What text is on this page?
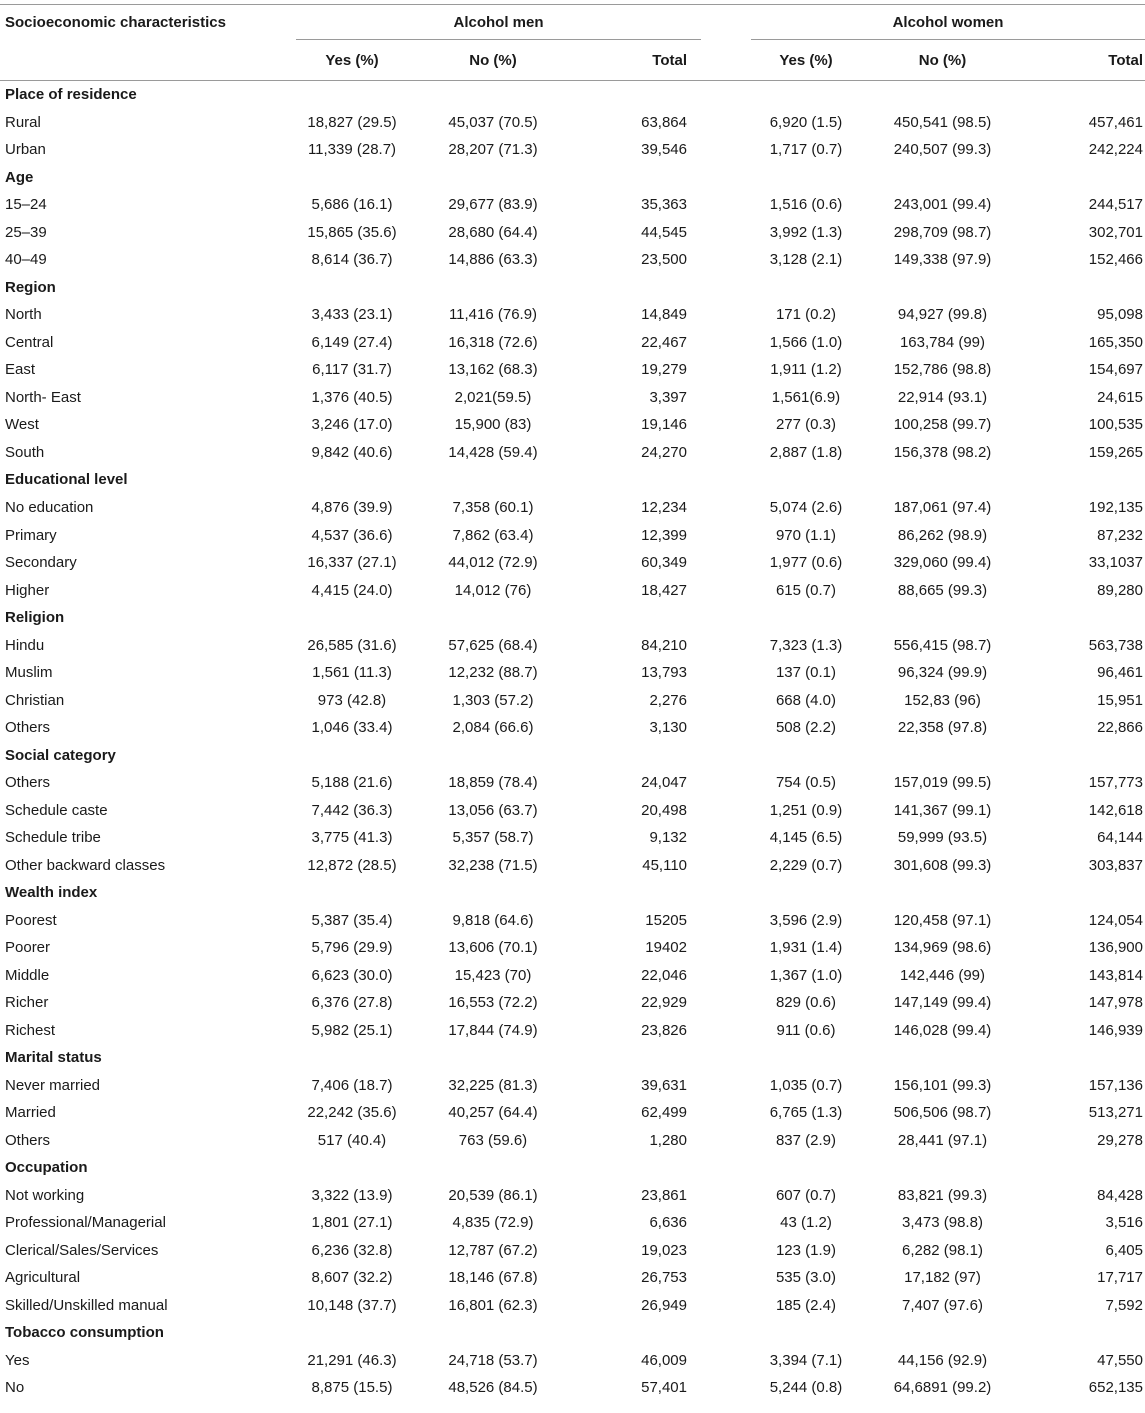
Socioeconomic characteristics	Alcohol men				Alcohol women		
	Yes (%)	No (%)	Total		Yes (%)	No (%)	Total

Place of residence							
Rural	18,827 (29.5)	45,037 (70.5)	63,864		6,920 (1.5)	450,541 (98.5)	457,461
Urban	11,339 (28.7)	28,207 (71.3)	39,546		1,717 (0.7)	240,507 (99.3)	242,224
Age							
15–24	5,686 (16.1)	29,677 (83.9)	35,363		1,516 (0.6)	243,001 (99.4)	244,517
25–39	15,865 (35.6)	28,680 (64.4)	44,545		3,992 (1.3)	298,709 (98.7)	302,701
40–49	8,614 (36.7)	14,886 (63.3)	23,500		3,128 (2.1)	149,338 (97.9)	152,466
Region							
North	3,433 (23.1)	11,416 (76.9)	14,849		171 (0.2)	94,927 (99.8)	95,098
Central	6,149 (27.4)	16,318 (72.6)	22,467		1,566 (1.0)	163,784 (99)	165,350
East	6,117 (31.7)	13,162 (68.3)	19,279		1,911 (1.2)	152,786 (98.8)	154,697
North- East	1,376 (40.5)	2,021(59.5)	3,397		1,561(6.9)	22,914 (93.1)	24,615
West	3,246 (17.0)	15,900 (83)	19,146		277 (0.3)	100,258 (99.7)	100,535
South	9,842 (40.6)	14,428 (59.4)	24,270		2,887 (1.8)	156,378 (98.2)	159,265
Educational level							
No education	4,876 (39.9)	7,358 (60.1)	12,234		5,074 (2.6)	187,061 (97.4)	192,135
Primary	4,537 (36.6)	7,862 (63.4)	12,399		970 (1.1)	86,262 (98.9)	87,232
Secondary	16,337 (27.1)	44,012 (72.9)	60,349		1,977 (0.6)	329,060 (99.4)	33,1037
Higher	4,415 (24.0)	14,012 (76)	18,427		615 (0.7)	88,665 (99.3)	89,280
Religion							
Hindu	26,585 (31.6)	57,625 (68.4)	84,210		7,323 (1.3)	556,415 (98.7)	563,738
Muslim	1,561 (11.3)	12,232 (88.7)	13,793		137 (0.1)	96,324 (99.9)	96,461
Christian	973 (42.8)	1,303 (57.2)	2,276		668 (4.0)	152,83 (96)	15,951
Others	1,046 (33.4)	2,084 (66.6)	3,130		508 (2.2)	22,358 (97.8)	22,866
Social category							
Others	5,188 (21.6)	18,859 (78.4)	24,047		754 (0.5)	157,019 (99.5)	157,773
Schedule caste	7,442 (36.3)	13,056 (63.7)	20,498		1,251 (0.9)	141,367 (99.1)	142,618
Schedule tribe	3,775 (41.3)	5,357 (58.7)	9,132		4,145 (6.5)	59,999 (93.5)	64,144
Other backward classes	12,872 (28.5)	32,238 (71.5)	45,110		2,229 (0.7)	301,608 (99.3)	303,837
Wealth index							
Poorest	5,387 (35.4)	9,818 (64.6)	15205		3,596 (2.9)	120,458 (97.1)	124,054
Poorer	5,796 (29.9)	13,606 (70.1)	19402		1,931 (1.4)	134,969 (98.6)	136,900
Middle	6,623 (30.0)	15,423 (70)	22,046		1,367 (1.0)	142,446 (99)	143,814
Richer	6,376 (27.8)	16,553 (72.2)	22,929		829 (0.6)	147,149 (99.4)	147,978
Richest	5,982 (25.1)	17,844 (74.9)	23,826		911 (0.6)	146,028 (99.4)	146,939
Marital status							
Never married	7,406 (18.7)	32,225 (81.3)	39,631		1,035 (0.7)	156,101 (99.3)	157,136
Married	22,242 (35.6)	40,257 (64.4)	62,499		6,765 (1.3)	506,506 (98.7)	513,271
Others	517 (40.4)	763 (59.6)	1,280		837 (2.9)	28,441 (97.1)	29,278
Occupation							
Not working	3,322 (13.9)	20,539 (86.1)	23,861		607 (0.7)	83,821 (99.3)	84,428
Professional/Managerial	1,801 (27.1)	4,835 (72.9)	6,636		43 (1.2)	3,473 (98.8)	3,516
Clerical/Sales/Services	6,236 (32.8)	12,787 (67.2)	19,023		123 (1.9)	6,282 (98.1)	6,405
Agricultural	8,607 (32.2)	18,146 (67.8)	26,753		535 (3.0)	17,182 (97)	17,717
Skilled/Unskilled manual	10,148 (37.7)	16,801 (62.3)	26,949		185 (2.4)	7,407 (97.6)	7,592
Tobacco consumption							
Yes	21,291 (46.3)	24,718 (53.7)	46,009		3,394 (7.1)	44,156 (92.9)	47,550
No	8,875 (15.5)	48,526 (84.5)	57,401		5,244 (0.8)	64,6891 (99.2)	652,135
